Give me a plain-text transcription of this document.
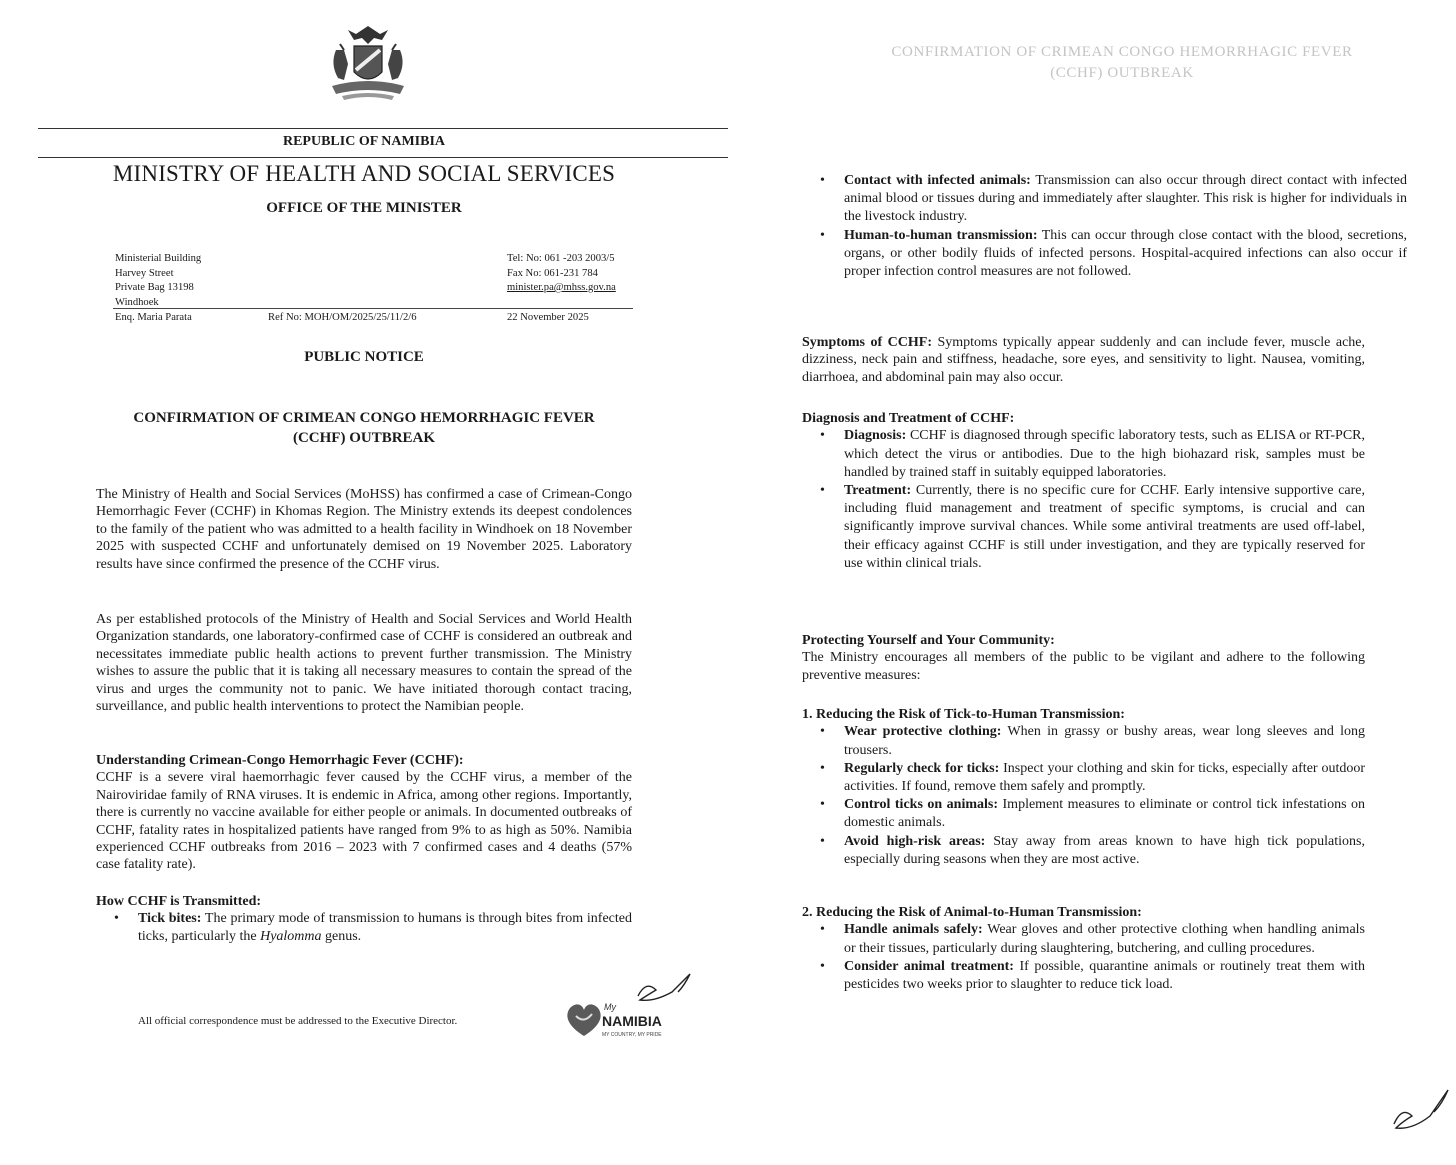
REPUBLIC OF NAMIBIA
MINISTRY OF HEALTH AND SOCIAL SERVICES
OFFICE OF THE MINISTER
Ministerial Building
Harvey Street
Private Bag 13198
Windhoek
Tel: No: 061 -203 2003/5
Fax No: 061-231 784
minister.pa@mhss.gov.na
Enq. Maria Parata	Ref No: MOH/OM/2025/25/11/2/6	22 November 2025
PUBLIC NOTICE
CONFIRMATION OF CRIMEAN CONGO HEMORRHAGIC FEVER
(CCHF) OUTBREAK
The Ministry of Health and Social Services (MoHSS) has confirmed a case of Crimean-Congo Hemorrhagic Fever (CCHF) in Khomas Region. The Ministry extends its deepest condolences to the family of the patient who was admitted to a health facility in Windhoek on 18 November 2025 with suspected CCHF and unfortunately demised on 19 November 2025. Laboratory results have since confirmed the presence of the CCHF virus.
As per established protocols of the Ministry of Health and Social Services and World Health Organization standards, one laboratory-confirmed case of CCHF is considered an outbreak and necessitates immediate public health actions to prevent further transmission. The Ministry wishes to assure the public that it is taking all necessary measures to contain the spread of the virus and urges the community not to panic. We have initiated thorough contact tracing, surveillance, and public health interventions to protect the Namibian people.
Understanding Crimean-Congo Hemorrhagic Fever (CCHF):
CCHF is a severe viral haemorrhagic fever caused by the CCHF virus, a member of the Nairoviridae family of RNA viruses. It is endemic in Africa, among other regions. Importantly, there is currently no vaccine available for either people or animals. In documented outbreaks of CCHF, fatality rates in hospitalized patients have ranged from 9% to as high as 50%. Namibia experienced CCHF outbreaks from 2016 – 2023 with 7 confirmed cases and 4 deaths (57% case fatality rate).
How CCHF is Transmitted:
• Tick bites: The primary mode of transmission to humans is through bites from infected ticks, particularly the Hyalomma genus.
All official correspondence must be addressed to the Executive Director.
My
NAMIBIA
MY COUNTRY, MY PRIDE
CONFIRMATION OF CRIMEAN CONGO HEMORRHAGIC FEVER
(CCHF) OUTBREAK
• Contact with infected animals: Transmission can also occur through direct contact with infected animal blood or tissues during and immediately after slaughter. This risk is higher for individuals in the livestock industry.
• Human-to-human transmission: This can occur through close contact with the blood, secretions, organs, or other bodily fluids of infected persons. Hospital-acquired infections can also occur if proper infection control measures are not followed.
Symptoms of CCHF: Symptoms typically appear suddenly and can include fever, muscle ache, dizziness, neck pain and stiffness, headache, sore eyes, and sensitivity to light. Nausea, vomiting, diarrhoea, and abdominal pain may also occur.
Diagnosis and Treatment of CCHF:
• Diagnosis: CCHF is diagnosed through specific laboratory tests, such as ELISA or RT-PCR, which detect the virus or antibodies. Due to the high biohazard risk, samples must be handled by trained staff in suitably equipped laboratories.
• Treatment: Currently, there is no specific cure for CCHF. Early intensive supportive care, including fluid management and treatment of specific symptoms, is crucial and can significantly improve survival chances. While some antiviral treatments are used off-label, their efficacy against CCHF is still under investigation, and they are typically reserved for use within clinical trials.
Protecting Yourself and Your Community:
The Ministry encourages all members of the public to be vigilant and adhere to the following preventive measures:
1. Reducing the Risk of Tick-to-Human Transmission:
• Wear protective clothing: When in grassy or bushy areas, wear long sleeves and long trousers.
• Regularly check for ticks: Inspect your clothing and skin for ticks, especially after outdoor activities. If found, remove them safely and promptly.
• Control ticks on animals: Implement measures to eliminate or control tick infestations on domestic animals.
• Avoid high-risk areas: Stay away from areas known to have high tick populations, especially during seasons when they are most active.
2. Reducing the Risk of Animal-to-Human Transmission:
• Handle animals safely: Wear gloves and other protective clothing when handling animals or their tissues, particularly during slaughtering, butchering, and culling procedures.
• Consider animal treatment: If possible, quarantine animals or routinely treat them with pesticides two weeks prior to slaughter to reduce tick load.
